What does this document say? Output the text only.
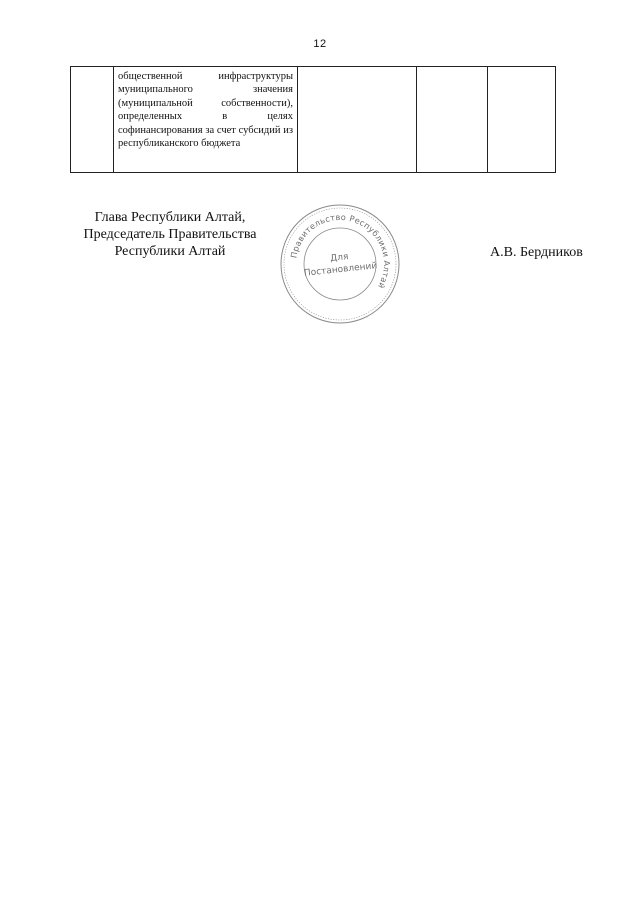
12

общественной инфраструктуры муниципального значения (муниципальной собственности), определенных в целях софинансирования за счет субсидий из республиканского бюджета

Глава Республики Алтай,
Председатель Правительства
Республики Алтай	Правительство Республики Алтай
Для
Постановлений
А.В. Бердников
